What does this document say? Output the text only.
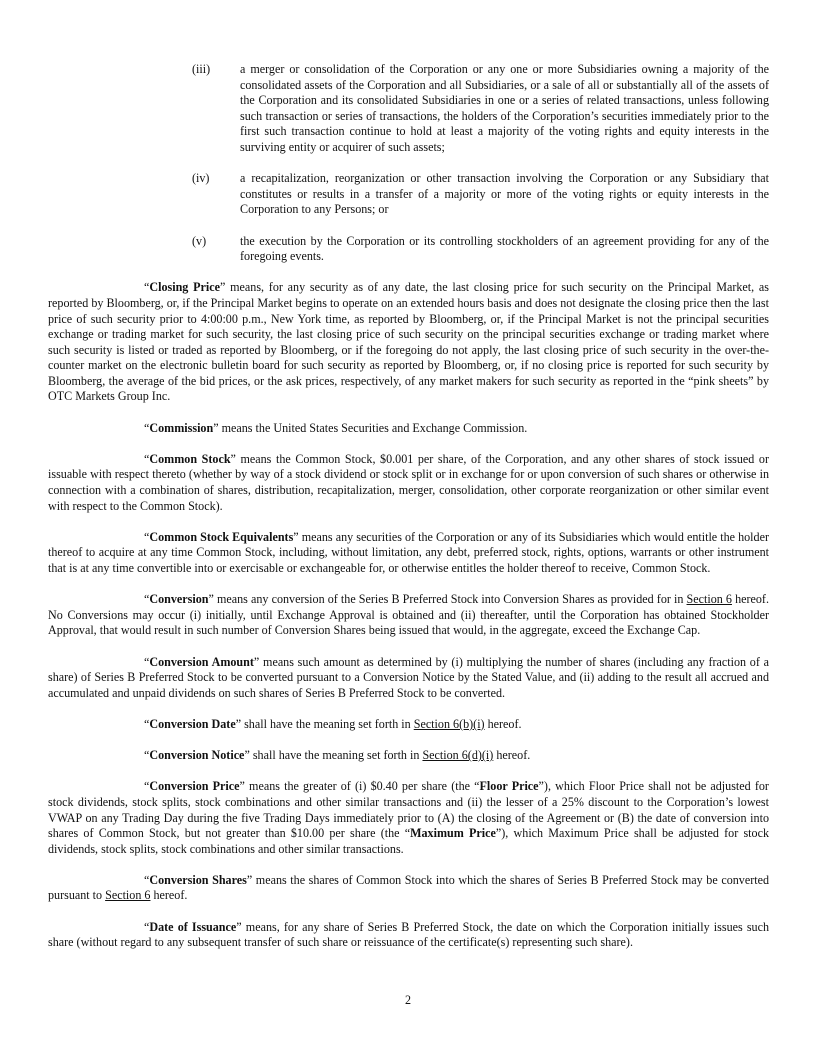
(iii)	a merger or consolidation of the Corporation or any one or more Subsidiaries owning a majority of the consolidated assets of the Corporation and all Subsidiaries, or a sale of all or substantially all of the assets of the Corporation and its consolidated Subsidiaries in one or a series of related transactions, unless following such transaction or series of transactions, the holders of the Corporation’s securities immediately prior to the first such transaction continue to hold at least a majority of the voting rights and equity interests in the surviving entity or acquirer of such assets;
(iv)	a recapitalization, reorganization or other transaction involving the Corporation or any Subsidiary that constitutes or results in a transfer of a majority or more of the voting rights or equity interests in the Corporation to any Persons; or
(v)	the execution by the Corporation or its controlling stockholders of an agreement providing for any of the foregoing events.

“Closing Price” means, for any security as of any date, the last closing price for such security on the Principal Market, as reported by Bloomberg, or, if the Principal Market begins to operate on an extended hours basis and does not designate the closing price then the last price of such security prior to 4:00:00 p.m., New York time, as reported by Bloomberg, or, if the Principal Market is not the principal securities exchange or trading market for such security, the last closing price of such security on the principal securities exchange or trading market where such security is listed or traded as reported by Bloomberg, or if the foregoing do not apply, the last closing price of such security in the over-the-counter market on the electronic bulletin board for such security as reported by Bloomberg, or, if no closing price is reported for such security by Bloomberg, the average of the bid prices, or the ask prices, respectively, of any market makers for such security as reported in the “pink sheets” by OTC Markets Group Inc.

“Commission” means the United States Securities and Exchange Commission.

“Common Stock” means the Common Stock, $0.001 per share, of the Corporation, and any other shares of stock issued or issuable with respect thereto (whether by way of a stock dividend or stock split or in exchange for or upon conversion of such shares or otherwise in connection with a combination of shares, distribution, recapitalization, merger, consolidation, other corporate reorganization or other similar event with respect to the Common Stock).

“Common Stock Equivalents” means any securities of the Corporation or any of its Subsidiaries which would entitle the holder thereof to acquire at any time Common Stock, including, without limitation, any debt, preferred stock, rights, options, warrants or other instrument that is at any time convertible into or exercisable or exchangeable for, or otherwise entitles the holder thereof to receive, Common Stock.

“Conversion” means any conversion of the Series B Preferred Stock into Conversion Shares as provided for in Section 6 hereof. No Conversions may occur (i) initially, until Exchange Approval is obtained and (ii) thereafter, until the Corporation has obtained Stockholder Approval, that would result in such number of Conversion Shares being issued that would, in the aggregate, exceed the Exchange Cap.

“Conversion Amount” means such amount as determined by (i) multiplying the number of shares (including any fraction of a share) of Series B Preferred Stock to be converted pursuant to a Conversion Notice by the Stated Value, and (ii) adding to the result all accrued and accumulated and unpaid dividends on such shares of Series B Preferred Stock to be converted.

“Conversion Date” shall have the meaning set forth in Section 6(b)(i) hereof.

“Conversion Notice” shall have the meaning set forth in Section 6(d)(i) hereof.

“Conversion Price” means the greater of (i) $0.40 per share (the “Floor Price”), which Floor Price shall not be adjusted for stock dividends, stock splits, stock combinations and other similar transactions and (ii) the lesser of a 25% discount to the Corporation’s lowest VWAP on any Trading Day during the five Trading Days immediately prior to (A) the closing of the Agreement or (B) the date of conversion into shares of Common Stock, but not greater than $10.00 per share (the “Maximum Price”), which Maximum Price shall be adjusted for stock dividends, stock splits, stock combinations and other similar transactions.

“Conversion Shares” means the shares of Common Stock into which the shares of Series B Preferred Stock may be converted pursuant to Section 6 hereof.

“Date of Issuance” means, for any share of Series B Preferred Stock, the date on which the Corporation initially issues such share (without regard to any subsequent transfer of such share or reissuance of the certificate(s) representing such share).

2
